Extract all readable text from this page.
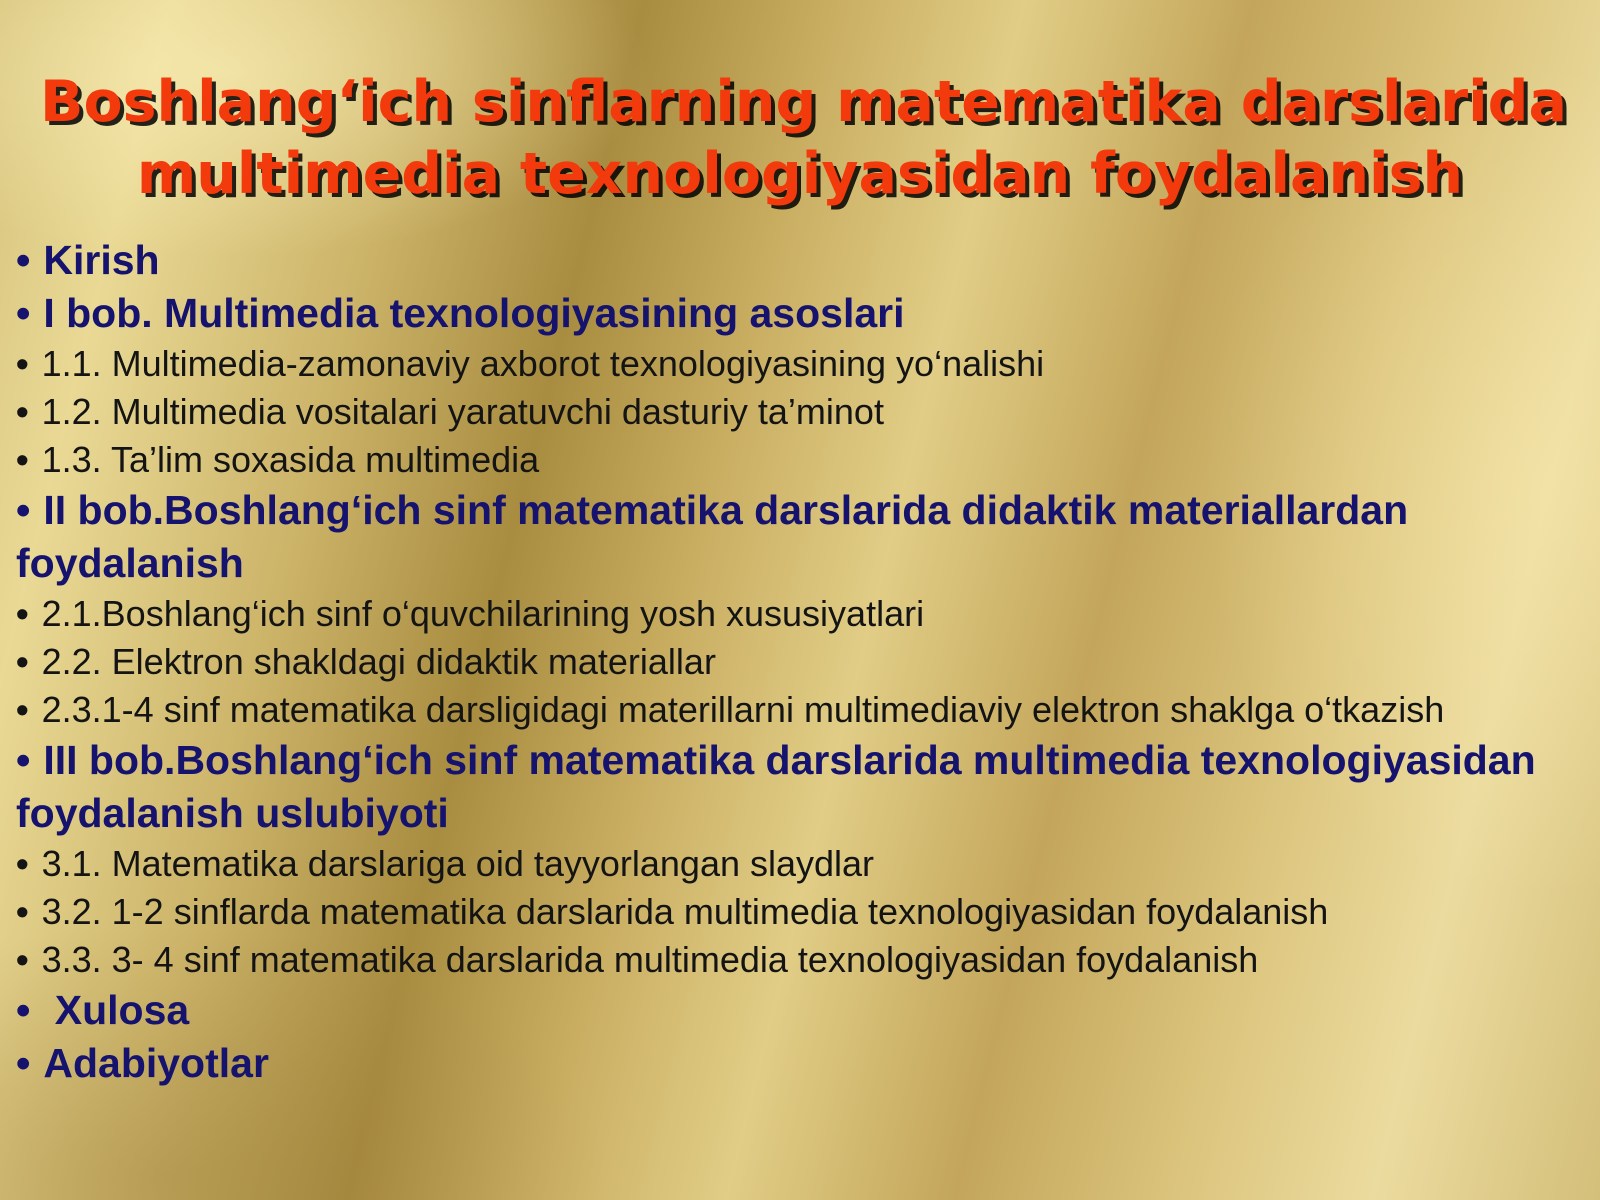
Boshlang‘ich sinflarning matematika darslarida
multimedia texnologiyasidan foydalanish
• Kirish
• I bob. Multimedia texnologiyasining asoslari
• 1.1. Multimedia-zamonaviy axborot texnologiyasining yo‘nalishi
• 1.2. Multimedia vositalari yaratuvchi dasturiy ta’minot
• 1.3. Ta’lim soxasida multimedia
• II bob.Boshlang‘ich sinf matematika darslarida didaktik materiallardan foydalanish
• 2.1.Boshlang‘ich sinf o‘quvchilarining yosh xususiyatlari
• 2.2. Elektron shakldagi didaktik materiallar
• 2.3.1-4 sinf matematika darsligidagi materillarni multimediaviy elektron shaklga o‘tkazish
• III bob.Boshlang‘ich sinf matematika darslarida multimedia texnologiyasidan foydalanish uslubiyoti
• 3.1. Matematika darslariga oid tayyorlangan slaydlar
• 3.2. 1-2 sinflarda matematika darslarida multimedia texnologiyasidan foydalanish
• 3.3. 3- 4 sinf matematika darslarida multimedia texnologiyasidan foydalanish
• Xulosa
• Adabiyotlar
